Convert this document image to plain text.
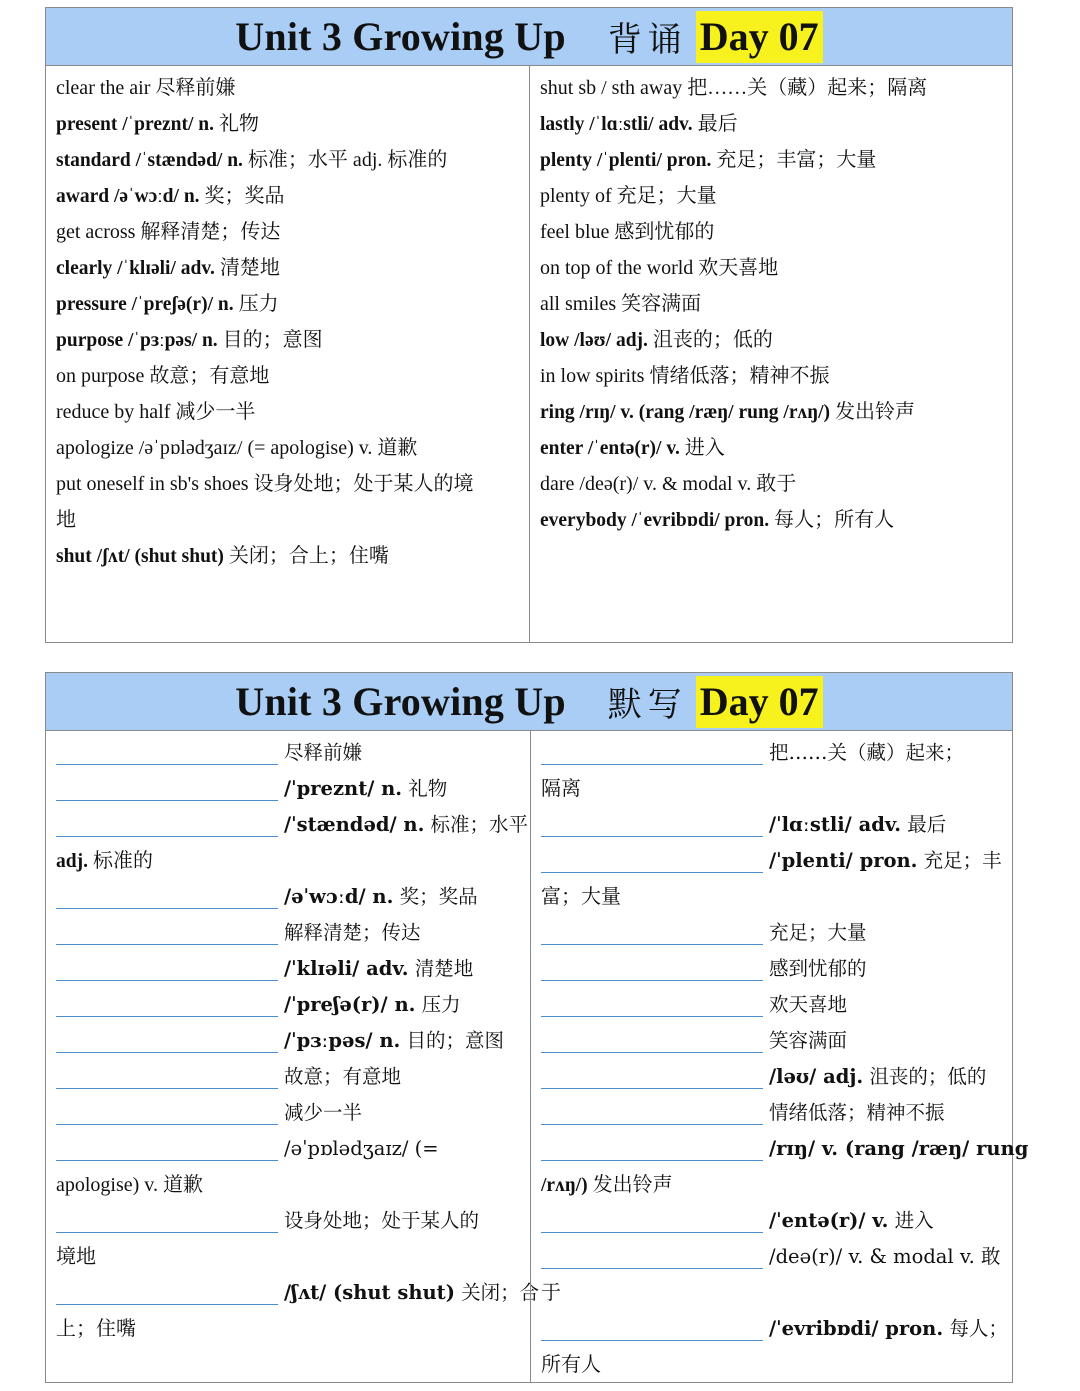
Unit 3 Growing Up 背诵 Day 07
clear the air 尽释前嫌
present /ˈpreznt/ n. 礼物
standard /ˈstændəd/ n. 标准；水平 adj. 标准的
award /əˈwɔːd/ n. 奖；奖品
get across 解释清楚；传达
clearly /ˈklɪəli/ adv. 清楚地
pressure /ˈpreʃə(r)/ n. 压力
purpose /ˈpɜːpəs/ n. 目的；意图
on purpose 故意；有意地
reduce by half 减少一半
apologize /əˈpɒlədʒaɪz/ (= apologise) v. 道歉
put oneself in sb's shoes 设身处地；处于某人的境
地
shut /ʃʌt/ (shut shut) 关闭；合上；住嘴
shut sb / sth away 把……关（藏）起来；隔离
lastly /ˈlɑːstli/ adv. 最后
plenty /ˈplenti/ pron. 充足；丰富；大量
plenty of 充足；大量
feel blue 感到忧郁的
on top of the world 欢天喜地
all smiles 笑容满面
low /ləʊ/ adj. 沮丧的；低的
in low spirits 情绪低落；精神不振
ring /rɪŋ/ v. (rang /ræŋ/ rung /rʌŋ/) 发出铃声
enter /ˈentə(r)/ v. 进入
dare /deə(r)/ v. & modal v. 敢于
everybody /ˈevribɒdi/ pron. 每人；所有人
Unit 3 Growing Up 默写 Day 07
尽释前嫌
/ˈpreznt/ n. 礼物
/ˈstændəd/ n. 标准；水平
adj. 标准的
/əˈwɔːd/ n. 奖；奖品
解释清楚；传达
/ˈklɪəli/ adv. 清楚地
/ˈpreʃə(r)/ n. 压力
/ˈpɜːpəs/ n. 目的；意图
故意；有意地
减少一半
/əˈpɒlədʒaɪz/ (=
apologise) v. 道歉
设身处地；处于某人的
境地
/ʃʌt/ (shut shut) 关闭；合
上；住嘴
把……关（藏）起来；
隔离
/ˈlɑːstli/ adv. 最后
/ˈplenti/ pron. 充足；丰
富；大量
充足；大量
感到忧郁的
欢天喜地
笑容满面
/ləʊ/ adj. 沮丧的；低的
情绪低落；精神不振
/rɪŋ/ v. (rang /ræŋ/ rung
/rʌŋ/) 发出铃声
/ˈentə(r)/ v. 进入
/deə(r)/ v. & modal v. 敢
于
/ˈevribɒdi/ pron. 每人；
所有人
